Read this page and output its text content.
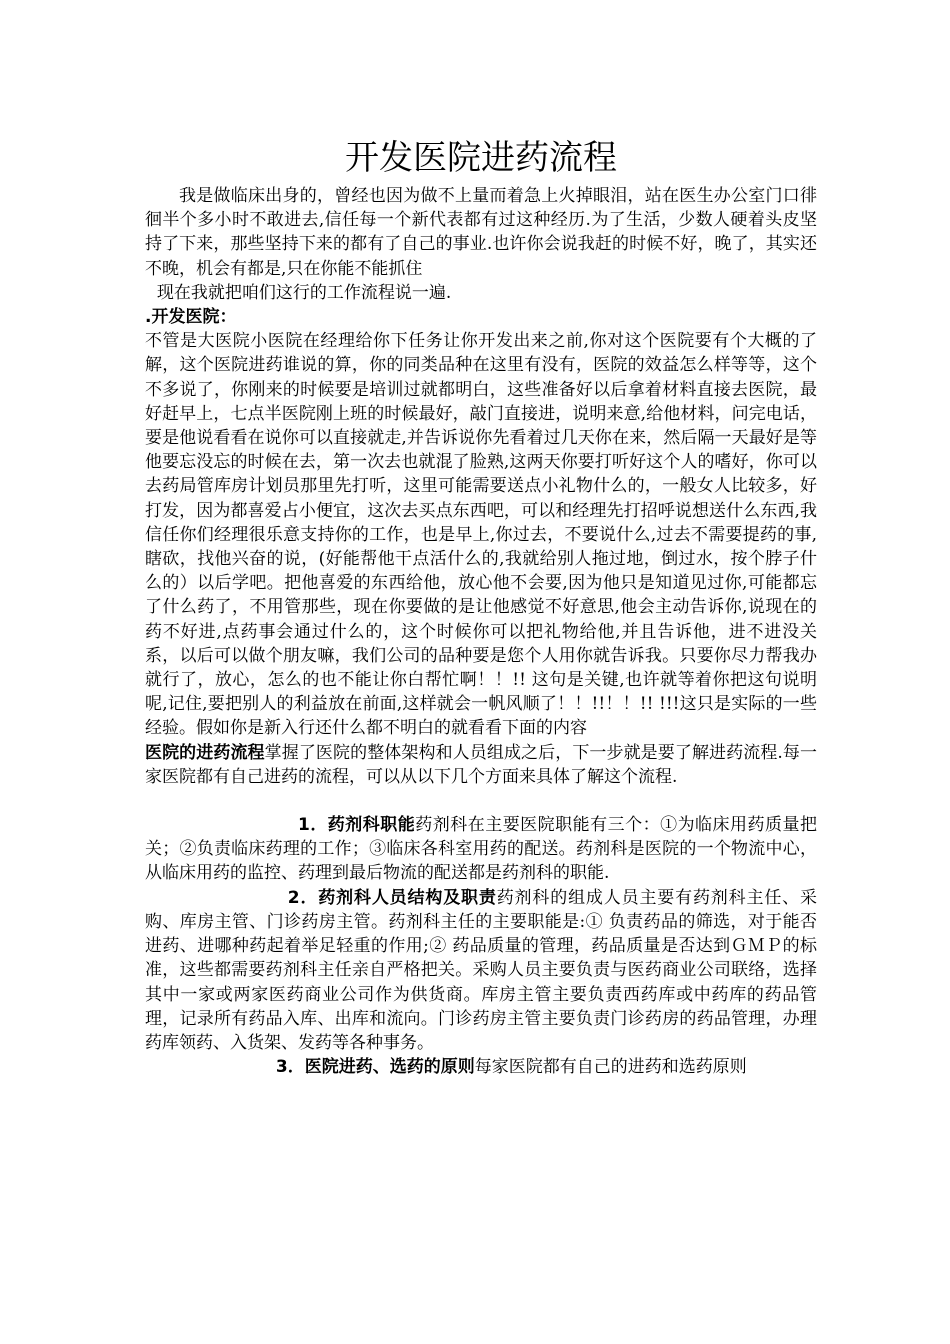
开发医院进药流程

我是做临床出身的，曾经也因为做不上量而着急上火掉眼泪，站在医生办公室门口徘徊半个多小时不敢进去,信任每一个新代表都有过这种经历.为了生活，少数人硬着头皮坚持了下来，那些坚持下来的都有了自己的事业.也许你会说我赶的时候不好，晚了，其实还不晚，机会有都是,只在你能不能抓住

现在我就把咱们这行的工作流程说一遍.

.开发医院：

不管是大医院小医院在经理给你下任务让你开发出来之前,你对这个医院要有个大概的了解，这个医院进药谁说的算，你的同类品种在这里有没有，医院的效益怎么样等等，这个不多说了，你刚来的时候要是培训过就都明白，这些准备好以后拿着材料直接去医院，最好赶早上，七点半医院刚上班的时候最好，敲门直接进，说明来意,给他材料，问完电话，要是他说看看在说你可以直接就走,并告诉说你先看着过几天你在来，然后隔一天最好是等他要忘没忘的时候在去，第一次去也就混了脸熟,这两天你要打听好这个人的嗜好，你可以去药局管库房计划员那里先打听，这里可能需要送点小礼物什么的，一般女人比较多，好打发，因为都喜爱占小便宜，这次去买点东西吧，可以和经理先打招呼说想送什么东西,我信任你们经理很乐意支持你的工作，也是早上,你过去，不要说什么,过去不需要提药的事,瞎砍，找他兴奋的说，(好能帮他干点活什么的,我就给别人拖过地，倒过水，按个脖子什么的）以后学吧。把他喜爱的东西给他，放心他不会要,因为他只是知道见过你,可能都忘了什么药了，不用管那些，现在你要做的是让他感觉不好意思,他会主动告诉你,说现在的药不好进,点药事会通过什么的，这个时候你可以把礼物给他,并且告诉他，进不进没关系，以后可以做个朋友嘛，我们公司的品种要是您个人用你就告诉我。只要你尽力帮我办就行了，放心，怎么的也不能让你白帮忙啊！！!! 这句是关键,也许就等着你把这句说明呢,记住,要把别人的利益放在前面,这样就会一帆风顺了！！!!！！!! !!!这只是实际的一些经验。假如你是新入行还什么都不明白的就看看下面的内容

医院的进药流程掌握了医院的整体架构和人员组成之后，下一步就是要了解进药流程.每一家医院都有自己进药的流程，可以从以下几个方面来具体了解这个流程.

1．药剂科职能药剂科在主要医院职能有三个：①为临床用药质量把关；②负责临床药理的工作；③临床各科室用药的配送。药剂科是医院的一个物流中心，从临床用药的监控、药理到最后物流的配送都是药剂科的职能.

2．药剂科人员结构及职责药剂科的组成人员主要有药剂科主任、采购、库房主管、门诊药房主管。药剂科主任的主要职能是:① 负责药品的筛选，对于能否进药、进哪种药起着举足轻重的作用;② 药品质量的管理，药品质量是否达到ＧＭＰ的标准，这些都需要药剂科主任亲自严格把关。采购人员主要负责与医药商业公司联络，选择其中一家或两家医药商业公司作为供货商。库房主管主要负责西药库或中药库的药品管理，记录所有药品入库、出库和流向。门诊药房主管主要负责门诊药房的药品管理，办理药库领药、入货架、发药等各种事务。

3．医院进药、选药的原则每家医院都有自己的进药和选药原则
